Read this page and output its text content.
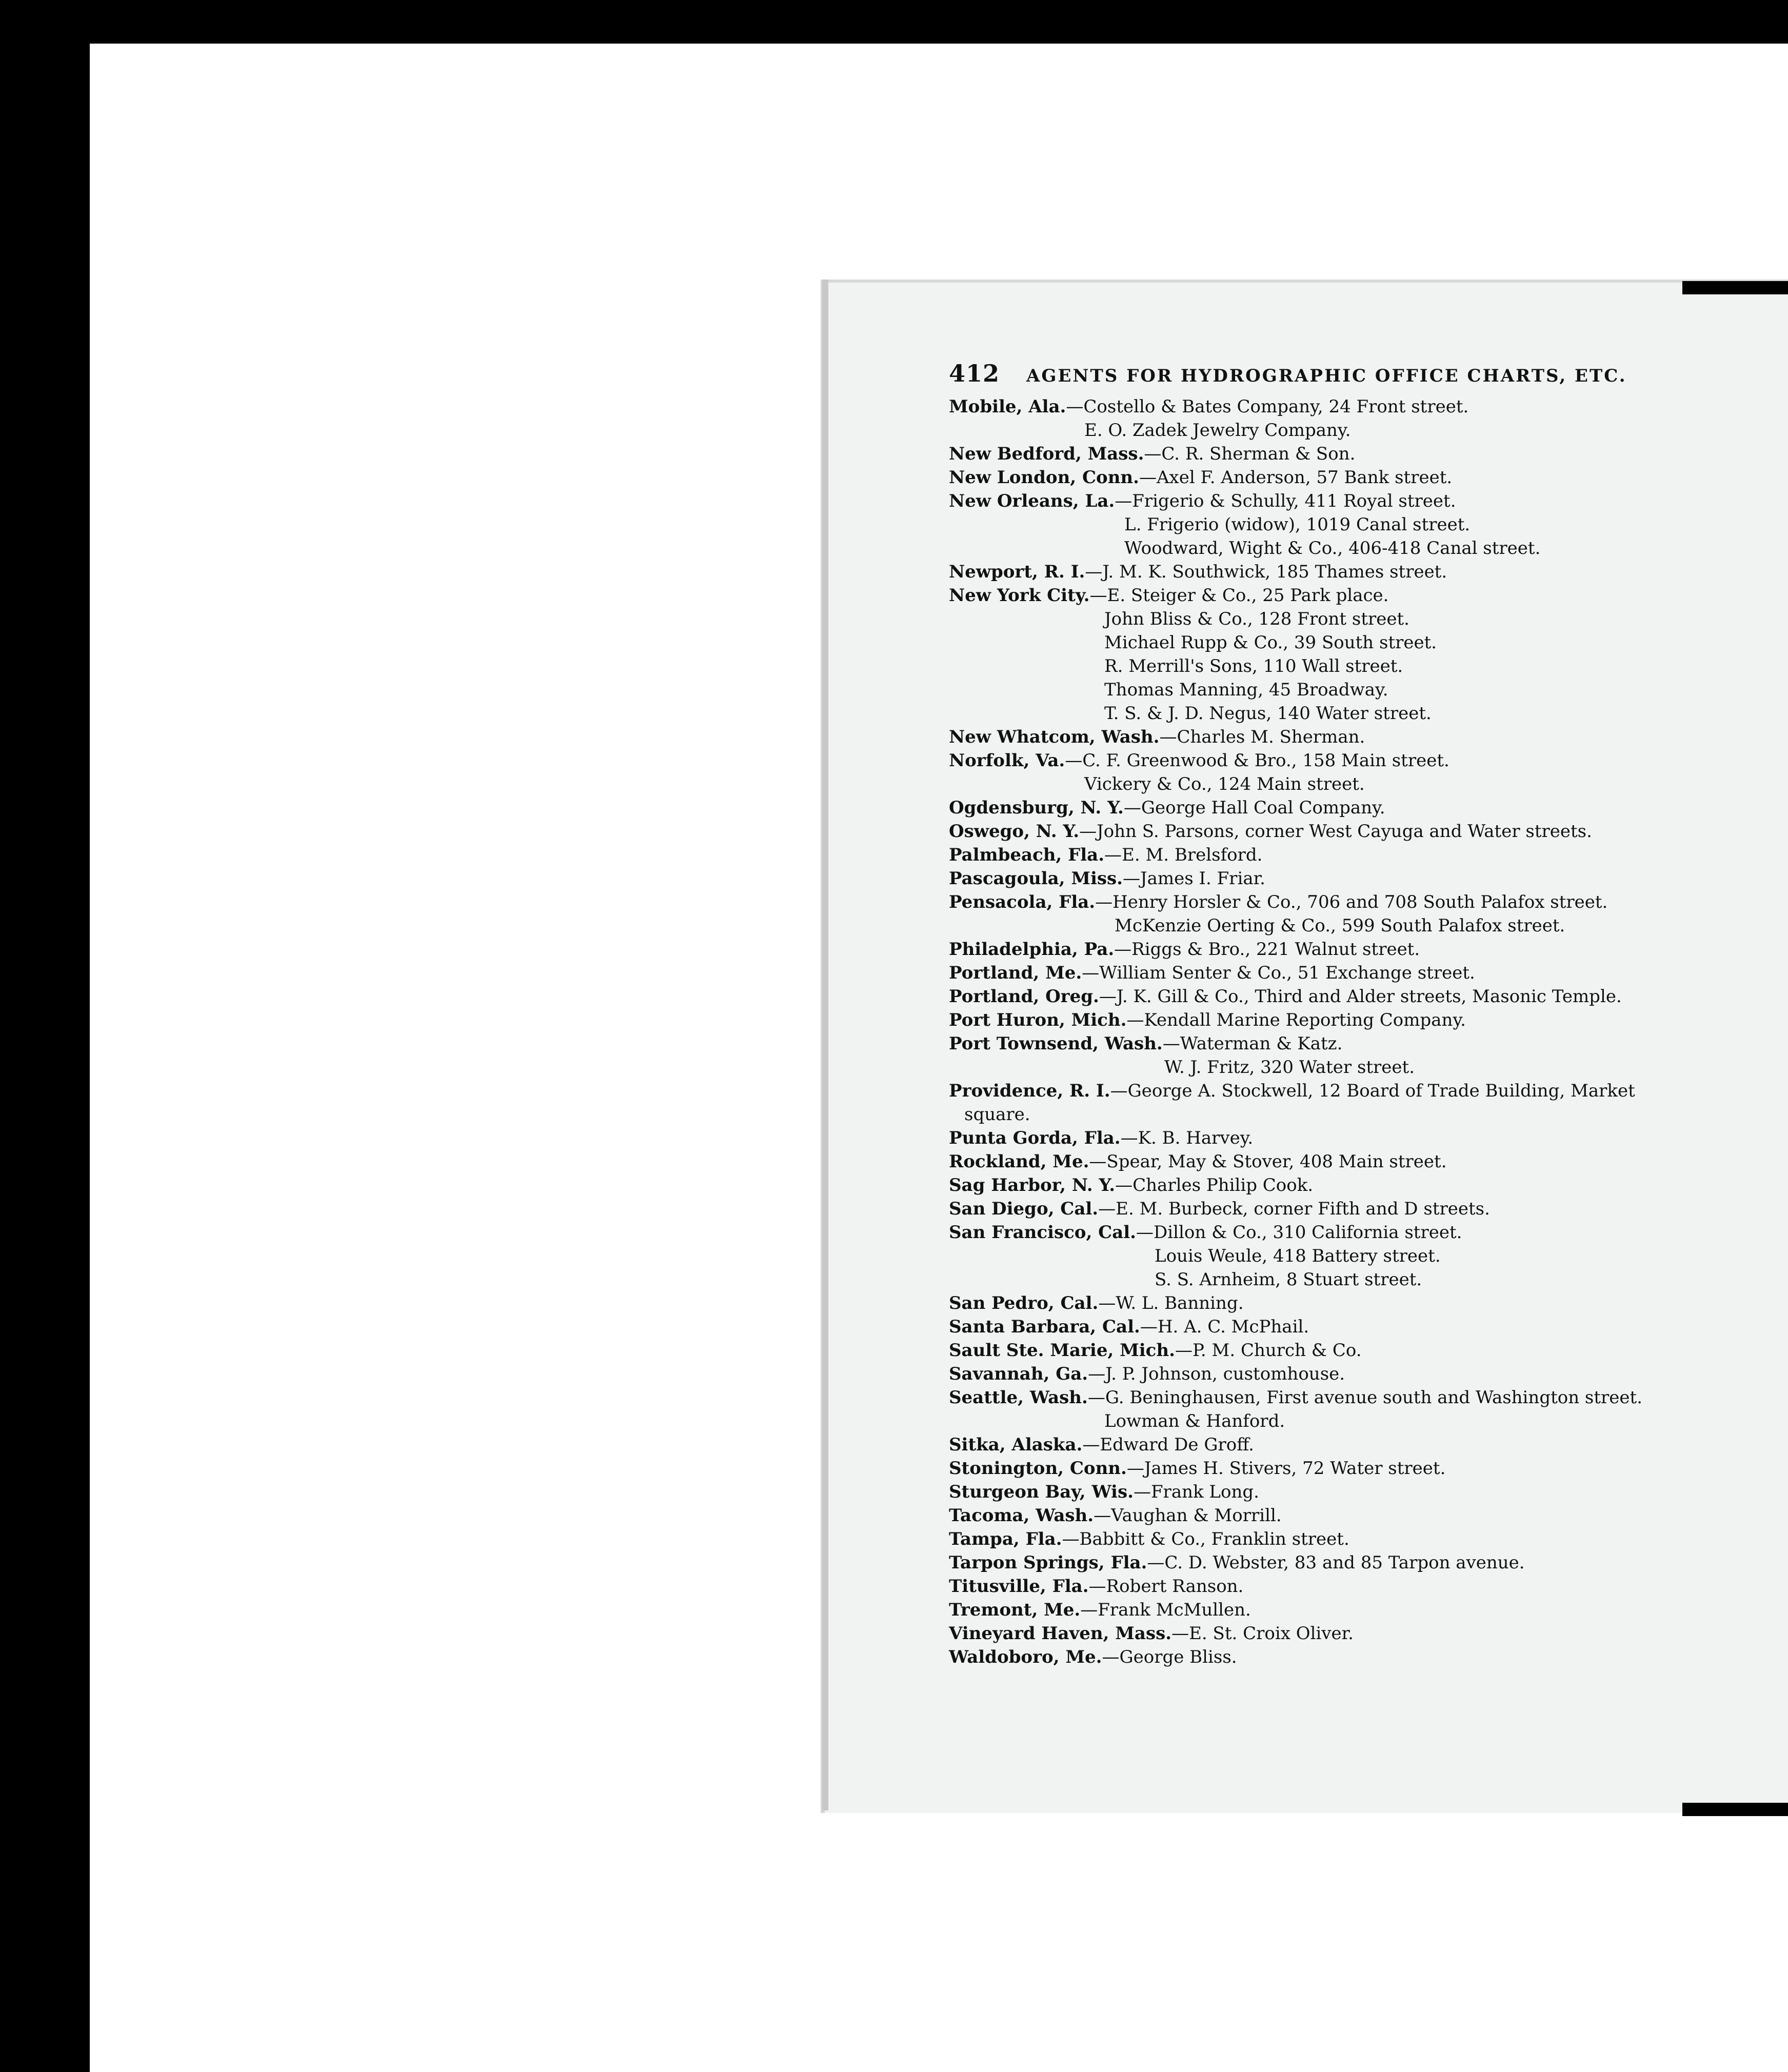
412 AGENTS FOR HYDROGRAPHIC OFFICE CHARTS, ETC.
Mobile, Ala.—Costello & Bates Company, 24 Front street.
E. O. Zadek Jewelry Company.
New Bedford, Mass.—C. R. Sherman & Son.
New London, Conn.—Axel F. Anderson, 57 Bank street.
New Orleans, La.—Frigerio & Schully, 411 Royal street.
L. Frigerio (widow), 1019 Canal street.
Woodward, Wight & Co., 406-418 Canal street.
Newport, R. I.—J. M. K. Southwick, 185 Thames street.
New York City.—E. Steiger & Co., 25 Park place.
John Bliss & Co., 128 Front street.
Michael Rupp & Co., 39 South street.
R. Merrill's Sons, 110 Wall street.
Thomas Manning, 45 Broadway.
T. S. & J. D. Negus, 140 Water street.
New Whatcom, Wash.—Charles M. Sherman.
Norfolk, Va.—C. F. Greenwood & Bro., 158 Main street.
Vickery & Co., 124 Main street.
Ogdensburg, N. Y.—George Hall Coal Company.
Oswego, N. Y.—John S. Parsons, corner West Cayuga and Water streets.
Palmbeach, Fla.—E. M. Brelsford.
Pascagoula, Miss.—James I. Friar.
Pensacola, Fla.—Henry Horsler & Co., 706 and 708 South Palafox street.
McKenzie Oerting & Co., 599 South Palafox street.
Philadelphia, Pa.—Riggs & Bro., 221 Walnut street.
Portland, Me.—William Senter & Co., 51 Exchange street.
Portland, Oreg.—J. K. Gill & Co., Third and Alder streets, Masonic Temple.
Port Huron, Mich.—Kendall Marine Reporting Company.
Port Townsend, Wash.—Waterman & Katz.
W. J. Fritz, 320 Water street.
Providence, R. I.—George A. Stockwell, 12 Board of Trade Building, Market
square.
Punta Gorda, Fla.—K. B. Harvey.
Rockland, Me.—Spear, May & Stover, 408 Main street.
Sag Harbor, N. Y.—Charles Philip Cook.
San Diego, Cal.—E. M. Burbeck, corner Fifth and D streets.
San Francisco, Cal.—Dillon & Co., 310 California street.
Louis Weule, 418 Battery street.
S. S. Arnheim, 8 Stuart street.
San Pedro, Cal.—W. L. Banning.
Santa Barbara, Cal.—H. A. C. McPhail.
Sault Ste. Marie, Mich.—P. M. Church & Co.
Savannah, Ga.—J. P. Johnson, customhouse.
Seattle, Wash.—G. Beninghausen, First avenue south and Washington street.
Lowman & Hanford.
Sitka, Alaska.—Edward De Groff.
Stonington, Conn.—James H. Stivers, 72 Water street.
Sturgeon Bay, Wis.—Frank Long.
Tacoma, Wash.—Vaughan & Morrill.
Tampa, Fla.—Babbitt & Co., Franklin street.
Tarpon Springs, Fla.—C. D. Webster, 83 and 85 Tarpon avenue.
Titusville, Fla.—Robert Ranson.
Tremont, Me.—Frank McMullen.
Vineyard Haven, Mass.—E. St. Croix Oliver.
Waldoboro, Me.—George Bliss.
